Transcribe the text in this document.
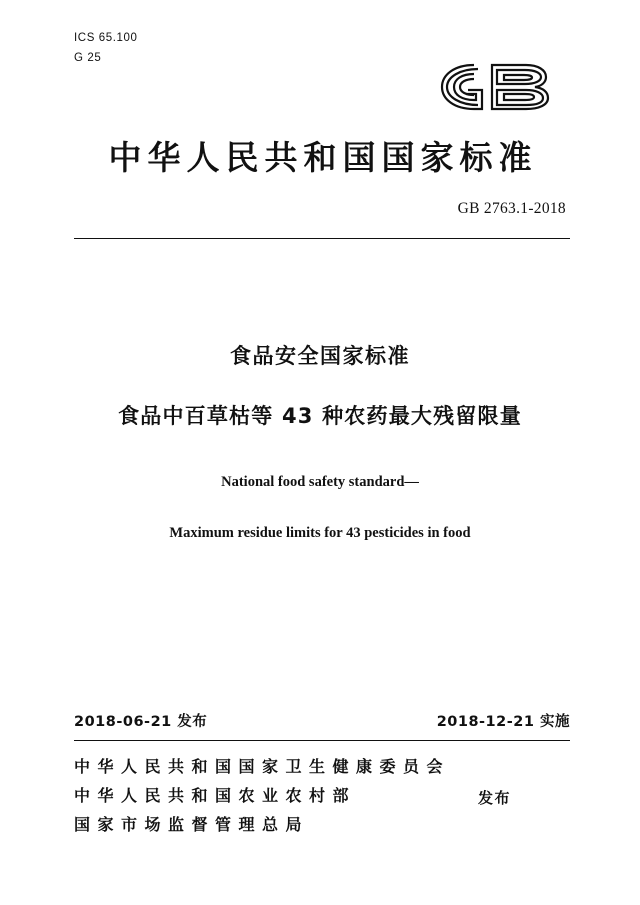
ICS 65.100
G 25
中华人民共和国国家标准
GB 2763.1-2018
食品安全国家标准
食品中百草枯等 43 种农药最大残留限量
National food safety standard—
Maximum residue limits for 43 pesticides in food
2018-06-21 发布	2018-12-21 实施
中华人民共和国国家卫生健康委员会
中华人民共和国农业农村部
国家市场监督管理总局
发布
